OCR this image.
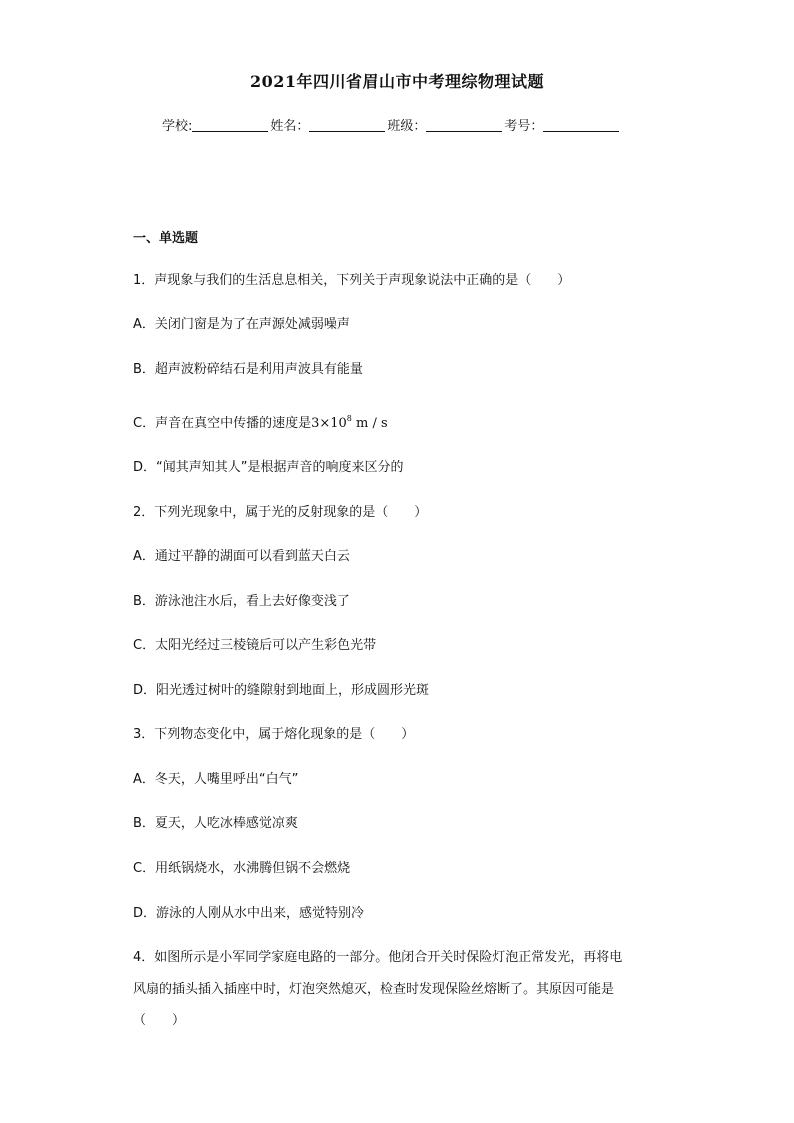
2021年四川省眉山市中考理综物理试题
学校:	姓名：	班级：	考号：
一、单选题
1．声现象与我们的生活息息相关，下列关于声现象说法中正确的是（　　）
A．关闭门窗是为了在声源处减弱噪声
B．超声波粉碎结石是利用声波具有能量
C．声音在真空中传播的速度是$3\times 10^8$ m / s
D．“闻其声知其人”是根据声音的响度来区分的
2．下列光现象中，属于光的反射现象的是（　　）
A．通过平静的湖面可以看到蓝天白云
B．游泳池注水后，看上去好像变浅了
C．太阳光经过三棱镜后可以产生彩色光带
D．阳光透过树叶的缝隙射到地面上，形成圆形光斑
3．下列物态变化中，属于熔化现象的是（　　）
A．冬天，人嘴里呼出“白气”
B．夏天，人吃冰棒感觉凉爽
C．用纸锅烧水，水沸腾但锅不会燃烧
D．游泳的人刚从水中出来，感觉特别冷
4．如图所示是小军同学家庭电路的一部分。他闭合开关时保险灯泡正常发光，再将电
风扇的插头插入插座中时，灯泡突然熄灭，检查时发现保险丝熔断了。其原因可能是
（　　）
